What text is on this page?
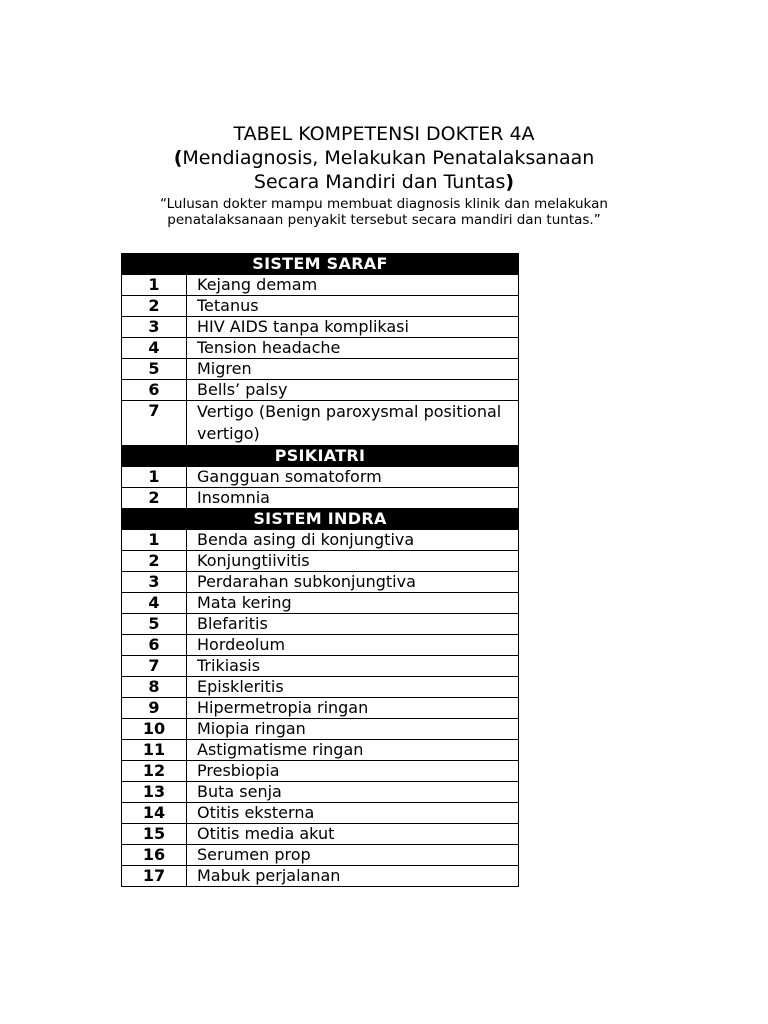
TABEL KOMPETENSI DOKTER 4A
(Mendiagnosis, Melakukan Penatalaksanaan
Secara Mandiri dan Tuntas)
“Lulusan dokter mampu membuat diagnosis klinik dan melakukan penatalaksanaan penyakit tersebut secara mandiri dan tuntas.”
SISTEM SARAF	
1	Kejang demam
2	Tetanus
3	HIV AIDS tanpa komplikasi
4	Tension headache
5	Migren
6	Bells’ palsy
7	Vertigo (Benign paroxysmal positional vertigo)
PSIKIATRI	
1	Gangguan somatoform
2	Insomnia
SISTEM INDRA	
1	Benda asing di konjungtiva
2	Konjungtiivitis
3	Perdarahan subkonjungtiva
4	Mata kering
5	Blefaritis
6	Hordeolum
7	Trikiasis
8	Episkleritis
9	Hipermetropia ringan
10	Miopia ringan
11	Astigmatisme ringan
12	Presbiopia
13	Buta senja
14	Otitis eksterna
15	Otitis media akut
16	Serumen prop
17	Mabuk perjalanan
